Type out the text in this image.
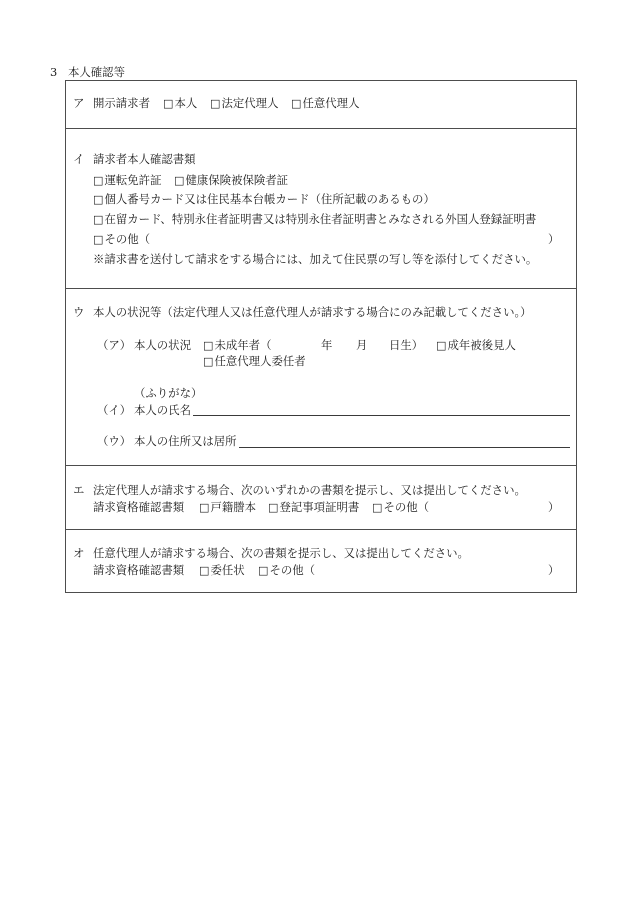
3 本人確認等
ア 開示請求者 □本人 □法定代理人 □任意代理人
イ 請求者本人確認書類
□運転免許証 □健康保険被保険者証
□個人番号カード又は住民基本台帳カード（住所記載のあるもの）
□在留カード、特別永住者証明書又は特別永住者証明書とみなされる外国人登録証明書
□その他（	）
※請求書を送付して請求をする場合には、加えて住民票の写し等を添付してください。
ウ 本人の状況等（法定代理人又は任意代理人が請求する場合にのみ記載してください。）
（ア） 本人の状況 □未成年者（	年 月 日生） □成年被後見人
□任意代理人委任者
（ふりがな）
（イ） 本人の氏名
（ウ） 本人の住所又は居所
エ 法定代理人が請求する場合、次のいずれかの書類を提示し、又は提出してください。
請求資格確認書類 □戸籍謄本 □登記事項証明書 □その他（	）
オ 任意代理人が請求する場合、次の書類を提示し、又は提出してください。
請求資格確認書類 □委任状 □その他（	）
